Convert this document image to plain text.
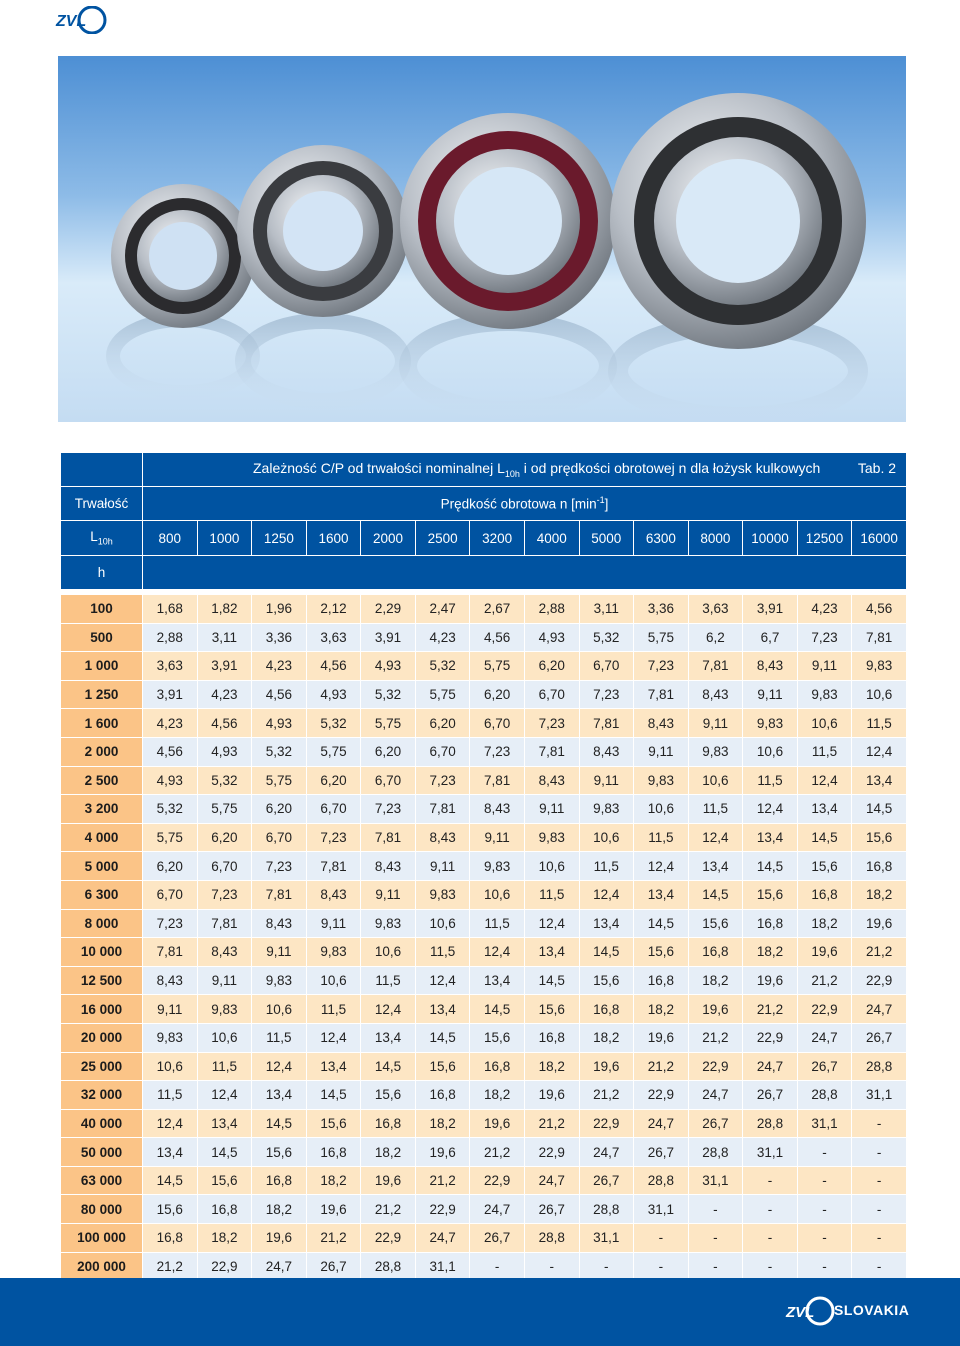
ZVL
	Zależność C/P od trwałości nominalnej $L_{10h}$ i od prędkości obrotowej n dla łożysk kulkowych Tab. 2													

Trwałość	Prędkość obrotowa n $[\min^{-1}]$													
$L_{10h}$	800	1000	1250	1600	2000	2500	3200	4000	5000	6300	8000	10000	12500	16000
h														

100	1,68	1,82	1,96	2,12	2,29	2,47	2,67	2,88	3,11	3,36	3,63	3,91	4,23	4,56
500	2,88	3,11	3,36	3,63	3,91	4,23	4,56	4,93	5,32	5,75	6,2	6,7	7,23	7,81
1 000	3,63	3,91	4,23	4,56	4,93	5,32	5,75	6,20	6,70	7,23	7,81	8,43	9,11	9,83
1 250	3,91	4,23	4,56	4,93	5,32	5,75	6,20	6,70	7,23	7,81	8,43	9,11	9,83	10,6
1 600	4,23	4,56	4,93	5,32	5,75	6,20	6,70	7,23	7,81	8,43	9,11	9,83	10,6	11,5
2 000	4,56	4,93	5,32	5,75	6,20	6,70	7,23	7,81	8,43	9,11	9,83	10,6	11,5	12,4
2 500	4,93	5,32	5,75	6,20	6,70	7,23	7,81	8,43	9,11	9,83	10,6	11,5	12,4	13,4
3 200	5,32	5,75	6,20	6,70	7,23	7,81	8,43	9,11	9,83	10,6	11,5	12,4	13,4	14,5
4 000	5,75	6,20	6,70	7,23	7,81	8,43	9,11	9,83	10,6	11,5	12,4	13,4	14,5	15,6
5 000	6,20	6,70	7,23	7,81	8,43	9,11	9,83	10,6	11,5	12,4	13,4	14,5	15,6	16,8
6 300	6,70	7,23	7,81	8,43	9,11	9,83	10,6	11,5	12,4	13,4	14,5	15,6	16,8	18,2
8 000	7,23	7,81	8,43	9,11	9,83	10,6	11,5	12,4	13,4	14,5	15,6	16,8	18,2	19,6
10 000	7,81	8,43	9,11	9,83	10,6	11,5	12,4	13,4	14,5	15,6	16,8	18,2	19,6	21,2
12 500	8,43	9,11	9,83	10,6	11,5	12,4	13,4	14,5	15,6	16,8	18,2	19,6	21,2	22,9
16 000	9,11	9,83	10,6	11,5	12,4	13,4	14,5	15,6	16,8	18,2	19,6	21,2	22,9	24,7
20 000	9,83	10,6	11,5	12,4	13,4	14,5	15,6	16,8	18,2	19,6	21,2	22,9	24,7	26,7
25 000	10,6	11,5	12,4	13,4	14,5	15,6	16,8	18,2	19,6	21,2	22,9	24,7	26,7	28,8
32 000	11,5	12,4	13,4	14,5	15,6	16,8	18,2	19,6	21,2	22,9	24,7	26,7	28,8	31,1
40 000	12,4	13,4	14,5	15,6	16,8	18,2	19,6	21,2	22,9	24,7	26,7	28,8	31,1	-
50 000	13,4	14,5	15,6	16,8	18,2	19,6	21,2	22,9	24,7	26,7	28,8	31,1	-	-
63 000	14,5	15,6	16,8	18,2	19,6	21,2	22,9	24,7	26,7	28,8	31,1	-	-	-
80 000	15,6	16,8	18,2	19,6	21,2	22,9	24,7	26,7	28,8	31,1	-	-	-	-
100 000	16,8	18,2	19,6	21,2	22,9	24,7	26,7	28,8	31,1	-	-	-	-	-
200 000	21,2	22,9	24,7	26,7	28,8	31,1	-	-	-	-	-	-	-	-
ZVL SLOVAKIA
